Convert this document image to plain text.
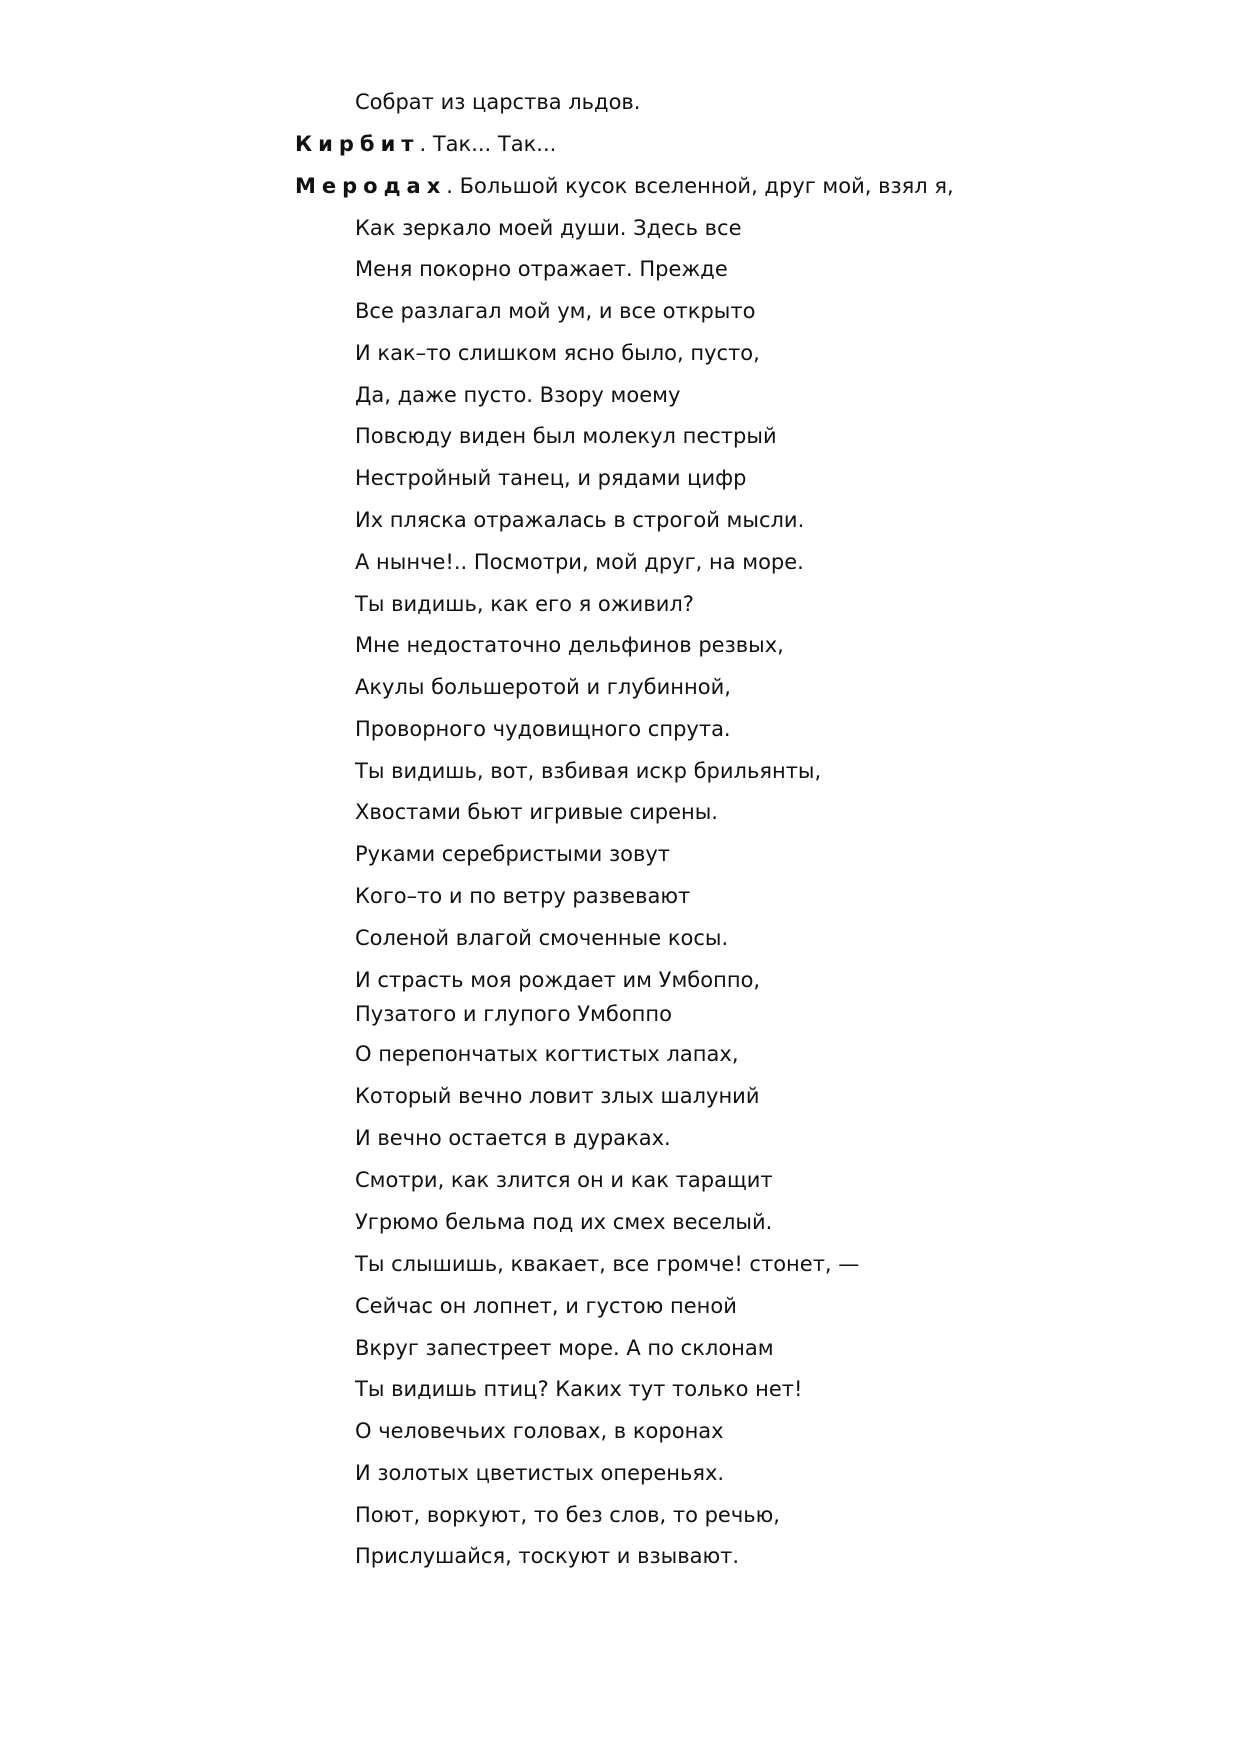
Собрат из царства льдов.
Кирбит. Так... Так...
Меродах. Большой кусок вселенной, друг мой, взял я,
Как зеркало моей души. Здесь все
Меня покорно отражает. Прежде
Все разлагал мой ум, и все открыто
И как–то слишком ясно было, пусто,
Да, даже пусто. Взору моему
Повсюду виден был молекул пестрый
Нестройный танец, и рядами цифр
Их пляска отражалась в строгой мысли.
А нынче!.. Посмотри, мой друг, на море.
Ты видишь, как его я оживил?
Мне недостаточно дельфинов резвых,
Акулы большеротой и глубинной,
Проворного чудовищного спрута.
Ты видишь, вот, взбивая искр брильянты,
Хвостами бьют игривые сирены.
Руками серебристыми зовут
Кого–то и по ветру развевают
Соленой влагой смоченные косы.
И страсть моя рождает им Умбоппо,
Пузатого и глупого Умбоппо
О перепончатых когтистых лапах,
Который вечно ловит злых шалуний
И вечно остается в дураках.
Смотри, как злится он и как таращит
Угрюмо бельма под их смех веселый.
Ты слышишь, квакает, все громче! стонет, —
Сейчас он лопнет, и густою пеной
Вкруг запестреет море. А по склонам
Ты видишь птиц? Каких тут только нет!
О человечьих головах, в коронах
И золотых цветистых опереньях.
Поют, воркуют, то без слов, то речью,
Прислушайся, тоскуют и взывают.
